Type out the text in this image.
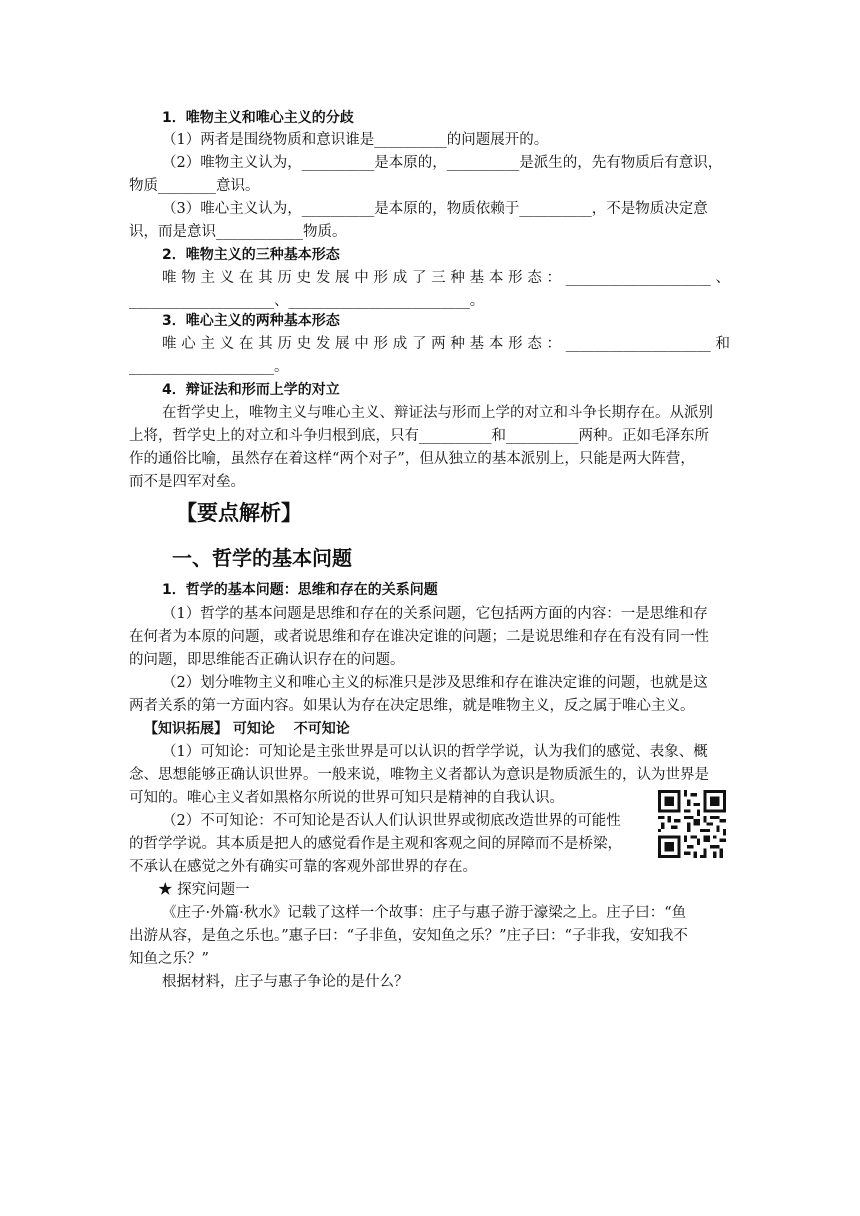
1．唯物主义和唯心主义的分歧
（1）两者是围绕物质和意识谁是__________的问题展开的。
（2）唯物主义认为，__________是本原的，__________是派生的，先有物质后有意识，
物质________意识。
（3）唯心主义认为，__________是本原的，物质依赖于__________，不是物质决定意
识，而是意识____________物质。
2．唯物主义的三种基本形态
唯物主义在其历史发展中形成了三种基本形态：____________________、
____________________、_________________________。
3．唯心主义的两种基本形态
唯心主义在其历史发展中形成了两种基本形态：____________________和
____________________。
4．辩证法和形而上学的对立
在哲学史上，唯物主义与唯心主义、辩证法与形而上学的对立和斗争长期存在。从派别
上将，哲学史上的对立和斗争归根到底，只有__________和__________两种。正如毛泽东所
作的通俗比喻，虽然存在着这样“两个对子”，但从独立的基本派别上，只能是两大阵营，
而不是四军对垒。
【要点解析】
一、哲学的基本问题
1．哲学的基本问题：思维和存在的关系问题
（1）哲学的基本问题是思维和存在的关系问题，它包括两方面的内容：一是思维和存
在何者为本原的问题，或者说思维和存在谁决定谁的问题；二是说思维和存在有没有同一性
的问题，即思维能否正确认识存在的问题。
（2）划分唯物主义和唯心主义的标准只是涉及思维和存在谁决定谁的问题，也就是这
两者关系的第一方面内容。如果认为存在决定思维，就是唯物主义，反之属于唯心主义。
【知识拓展】 可知论　 不可知论
（1）可知论：可知论是主张世界是可以认识的哲学学说，认为我们的感觉、表象、概
念、思想能够正确认识世界。一般来说，唯物主义者都认为意识是物质派生的，认为世界是
可知的。唯心主义者如黑格尔所说的世界可知只是精神的自我认识。
（2）不可知论：不可知论是否认人们认识世界或彻底改造世界的可能性
的哲学学说。其本质是把人的感觉看作是主观和客观之间的屏障而不是桥梁，
不承认在感觉之外有确实可靠的客观外部世界的存在。
★ 探究问题一
《庄子·外篇·秋水》记载了这样一个故事：庄子与惠子游于濠梁之上。庄子曰：“鱼
出游从容，是鱼之乐也。”惠子曰：“子非鱼，安知鱼之乐？”庄子曰：“子非我，安知我不
知鱼之乐？”
根据材料，庄子与惠子争论的是什么？
